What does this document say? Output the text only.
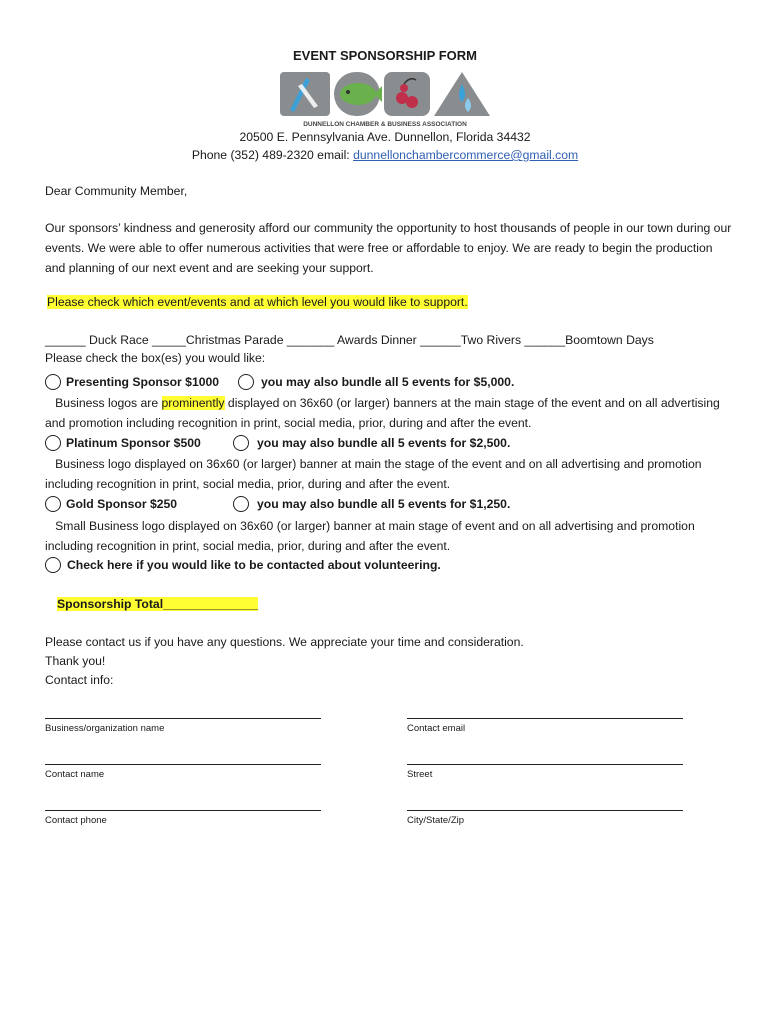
EVENT SPONSORSHIP FORM
DUNNELLON CHAMBER & BUSINESS ASSOCIATION
20500 E. Pennsylvania Ave. Dunnellon, Florida 34432
Phone (352) 489-2320 email: dunnellonchambercommerce@gmail.com
Dear Community Member,
Our sponsors’ kindness and generosity afford our community the opportunity to host thousands of people in our town during our events. We were able to offer numerous activities that were free or affordable to enjoy. We are ready to begin the production and planning of our next event and are seeking your support.
Please check which event/events and at which level you would like to support.
______ Duck Race _____Christmas Parade _______ Awards Dinner ______Two Rivers ______Boomtown Days
Please check the box(es) you would like:
Presenting Sponsor $1000	you may also bundle all 5 events for $5,000.
Business logos are prominently displayed on 36x60 (or larger) banners at the main stage of the event and on all advertising and promotion including recognition in print, social media, prior, during and after the event.
Platinum Sponsor $500	you may also bundle all 5 events for $2,500.
Business logo displayed on 36x60 (or larger) banner at main the stage of the event and on all advertising and promotion including recognition in print, social media, prior, during and after the event.
Gold Sponsor $250	you may also bundle all 5 events for $1,250.
Small Business logo displayed on 36x60 (or larger) banner at main stage of event and on all advertising and promotion including recognition in print, social media, prior, during and after the event.
Check here if you would like to be contacted about volunteering.
Sponsorship Total______________
Please contact us if you have any questions. We appreciate your time and consideration.
Thank you!
Contact info:
Business/organization name	Contact email
Contact name	Street
Contact phone	City/State/Zip
